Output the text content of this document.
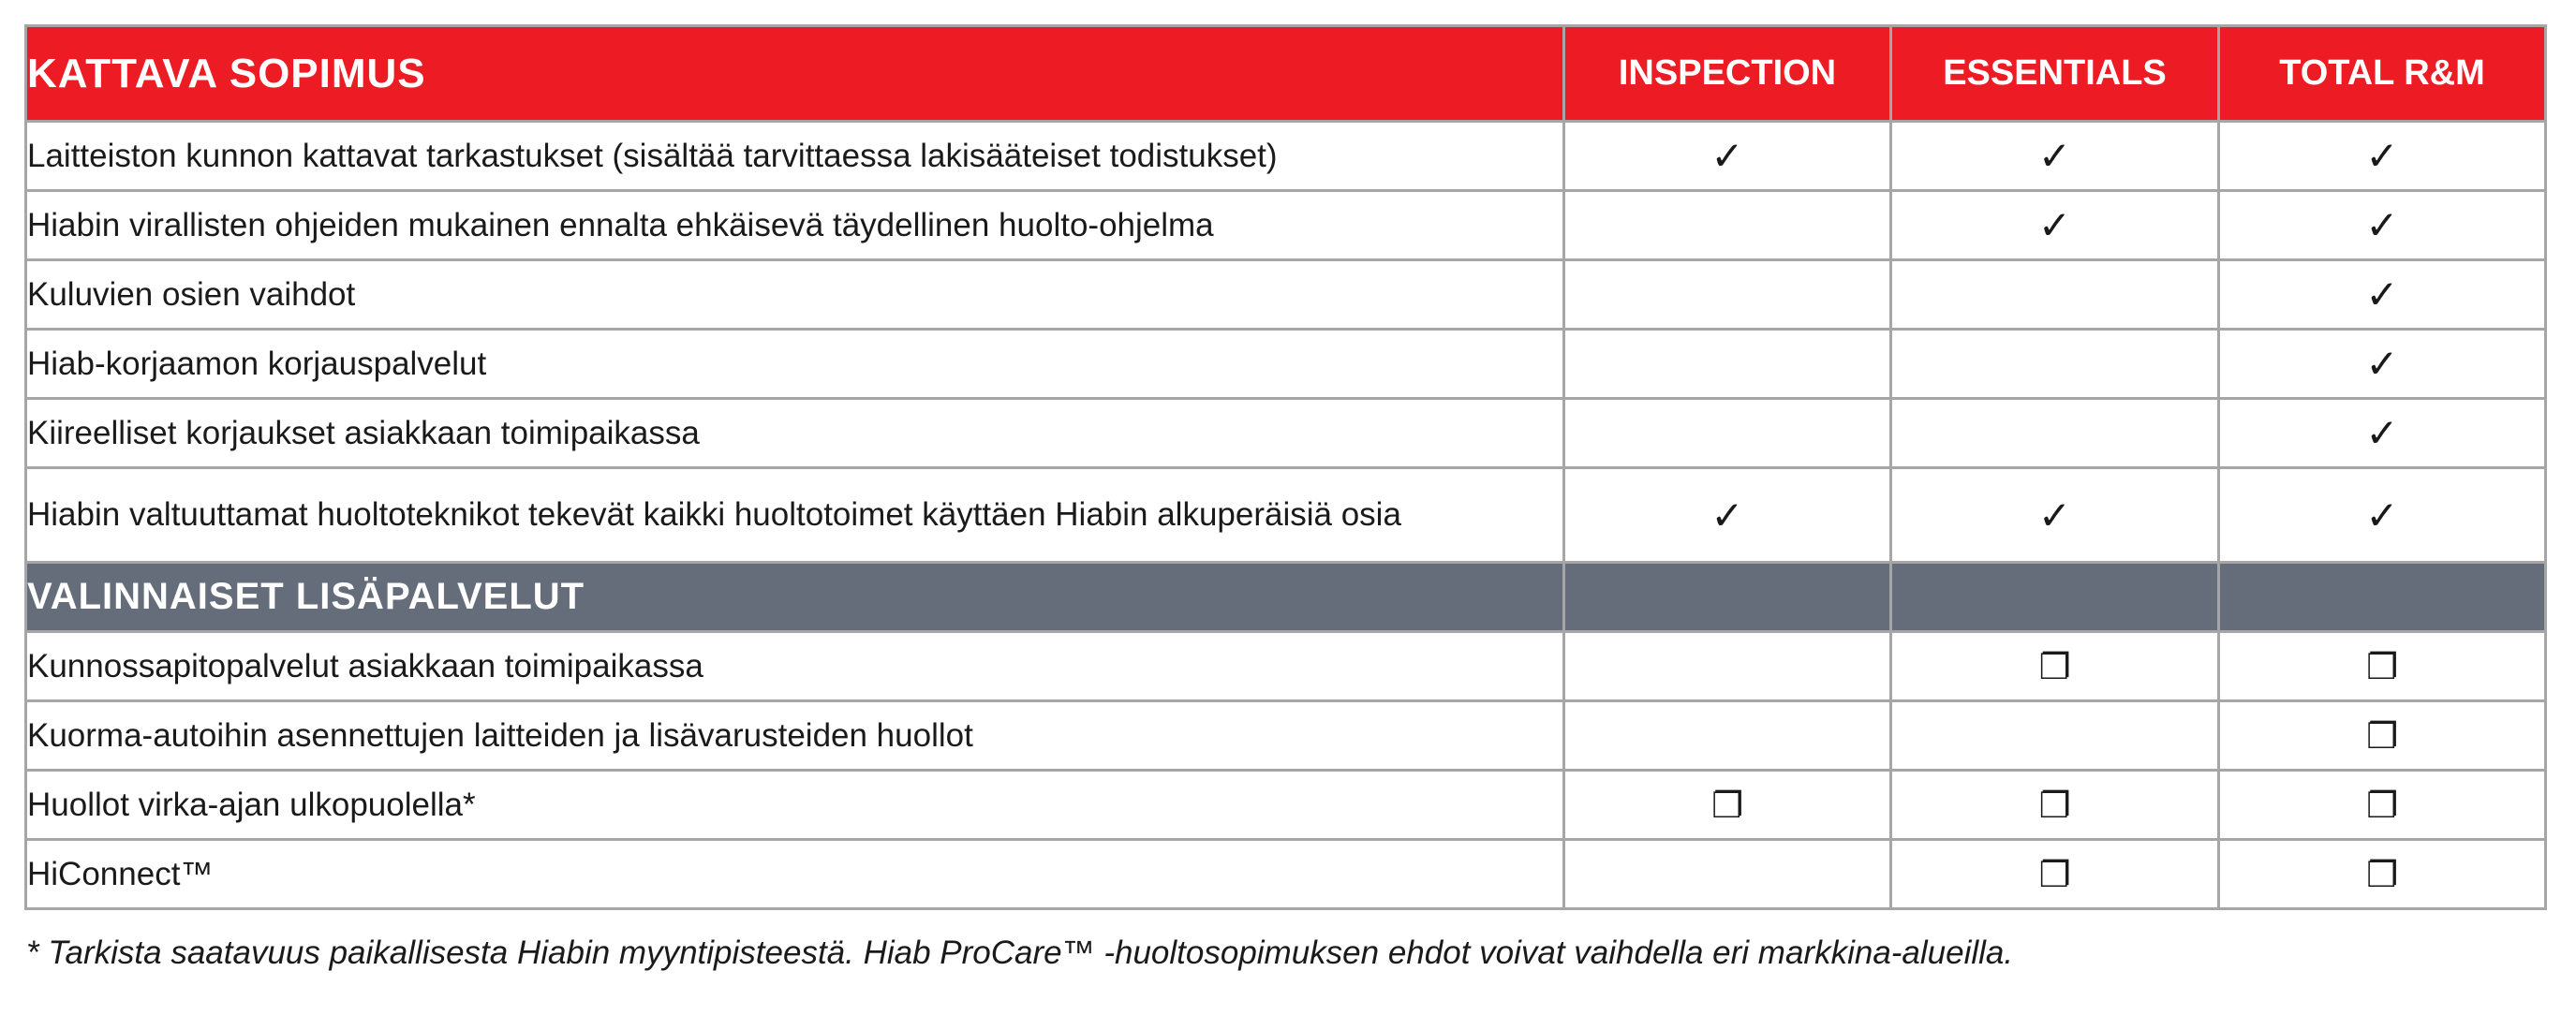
KATTAVA SOPIMUS	INSPECTION	ESSENTIALS	TOTAL R&M
Laitteiston kunnon kattavat tarkastukset (sisältää tarvittaessa lakisääteiset todistukset)	✓	✓	✓
Hiabin virallisten ohjeiden mukainen ennalta ehkäisevä täydellinen huolto-ohjelma		✓	✓
Kuluvien osien vaihdot			✓
Hiab-korjaamon korjauspalvelut			✓
Kiireelliset korjaukset asiakkaan toimipaikassa			✓
Hiabin valtuuttamat huoltoteknikot tekevät kaikki huoltotoimet käyttäen Hiabin alkuperäisiä osia	✓	✓	✓
VALINNAISET LISÄPALVELUT			
Kunnossapitopalvelut asiakkaan toimipaikassa		❐	❐
Kuorma-autoihin asennettujen laitteiden ja lisävarusteiden huollot			❐
Huollot virka-ajan ulkopuolella*	❐	❐	❐
HiConnect™		❐	❐

* Tarkista saatavuus paikallisesta Hiabin myyntipisteestä. Hiab ProCare™ -huoltosopimuksen ehdot voivat vaihdella eri markkina-alueilla.
